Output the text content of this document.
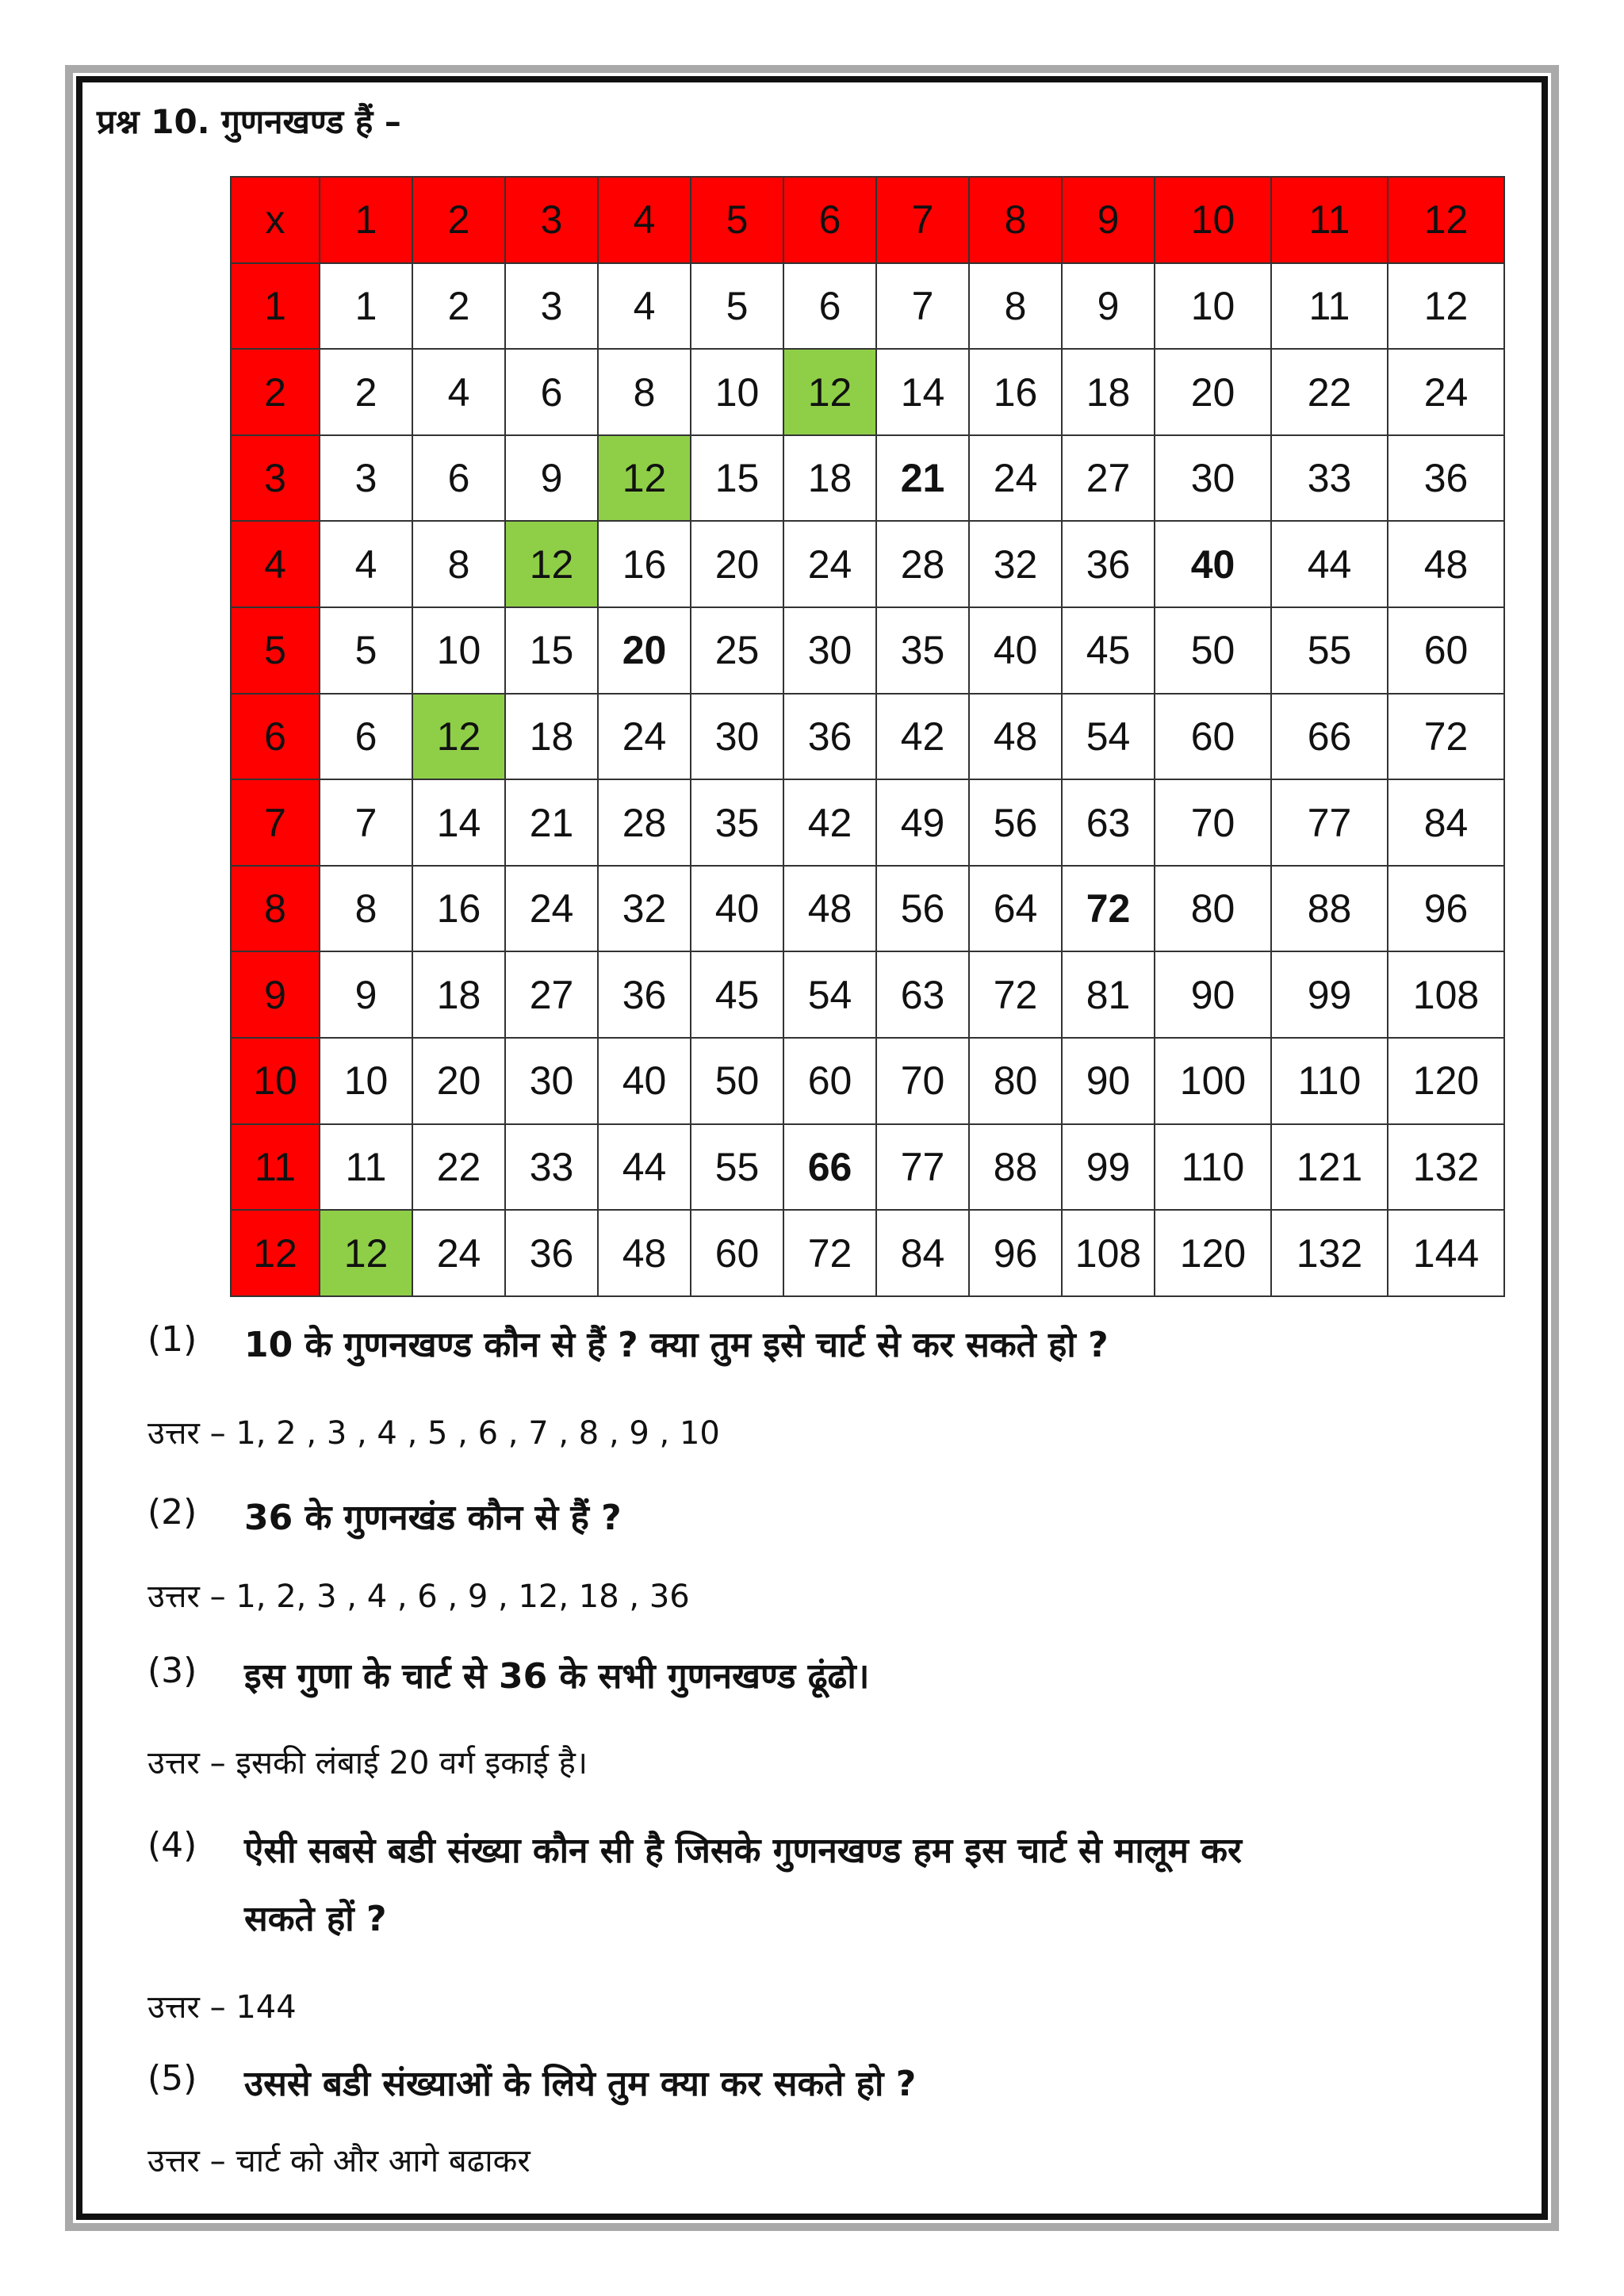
प्रश्न 10. गुणनखण्ड हैं –
x	1	2	3	4	5	6	7	8	9	10	11	12
1	1	2	3	4	5	6	7	8	9	10	11	12
2	2	4	6	8	10	12	14	16	18	20	22	24
3	3	6	9	12	15	18	21	24	27	30	33	36
4	4	8	12	16	20	24	28	32	36	40	44	48
5	5	10	15	20	25	30	35	40	45	50	55	60
6	6	12	18	24	30	36	42	48	54	60	66	72
7	7	14	21	28	35	42	49	56	63	70	77	84
8	8	16	24	32	40	48	56	64	72	80	88	96
9	9	18	27	36	45	54	63	72	81	90	99	108
10	10	20	30	40	50	60	70	80	90	100	110	120
11	11	22	33	44	55	66	77	88	99	110	121	132
12	12	24	36	48	60	72	84	96	108	120	132	144
(1)	10 के गुणनखण्ड कौन से हैं ? क्या तुम इसे चार्ट से कर सकते हो ?
उत्तर – 1, 2 , 3 , 4 , 5 , 6 , 7 , 8 , 9 , 10
(2)	36 के गुणनखंड कौन से हैं ?
उत्तर – 1, 2, 3 , 4 , 6 , 9 , 12, 18 , 36
(3)	इस गुणा के चार्ट से 36 के सभी गुणनखण्ड ढूंढो।
उत्तर – इसकी लंबाई 20 वर्ग इकाई है।
(4)	ऐसी सबसे बडी संख्या कौन सी है जिसके गुणनखण्ड हम इस चार्ट से मालूम कर
सकते हों ?
उत्तर – 144
(5)	उससे बडी संख्याओं के लिये तुम क्या कर सकते हो ?
उत्तर – चार्ट को और आगे बढाकर
